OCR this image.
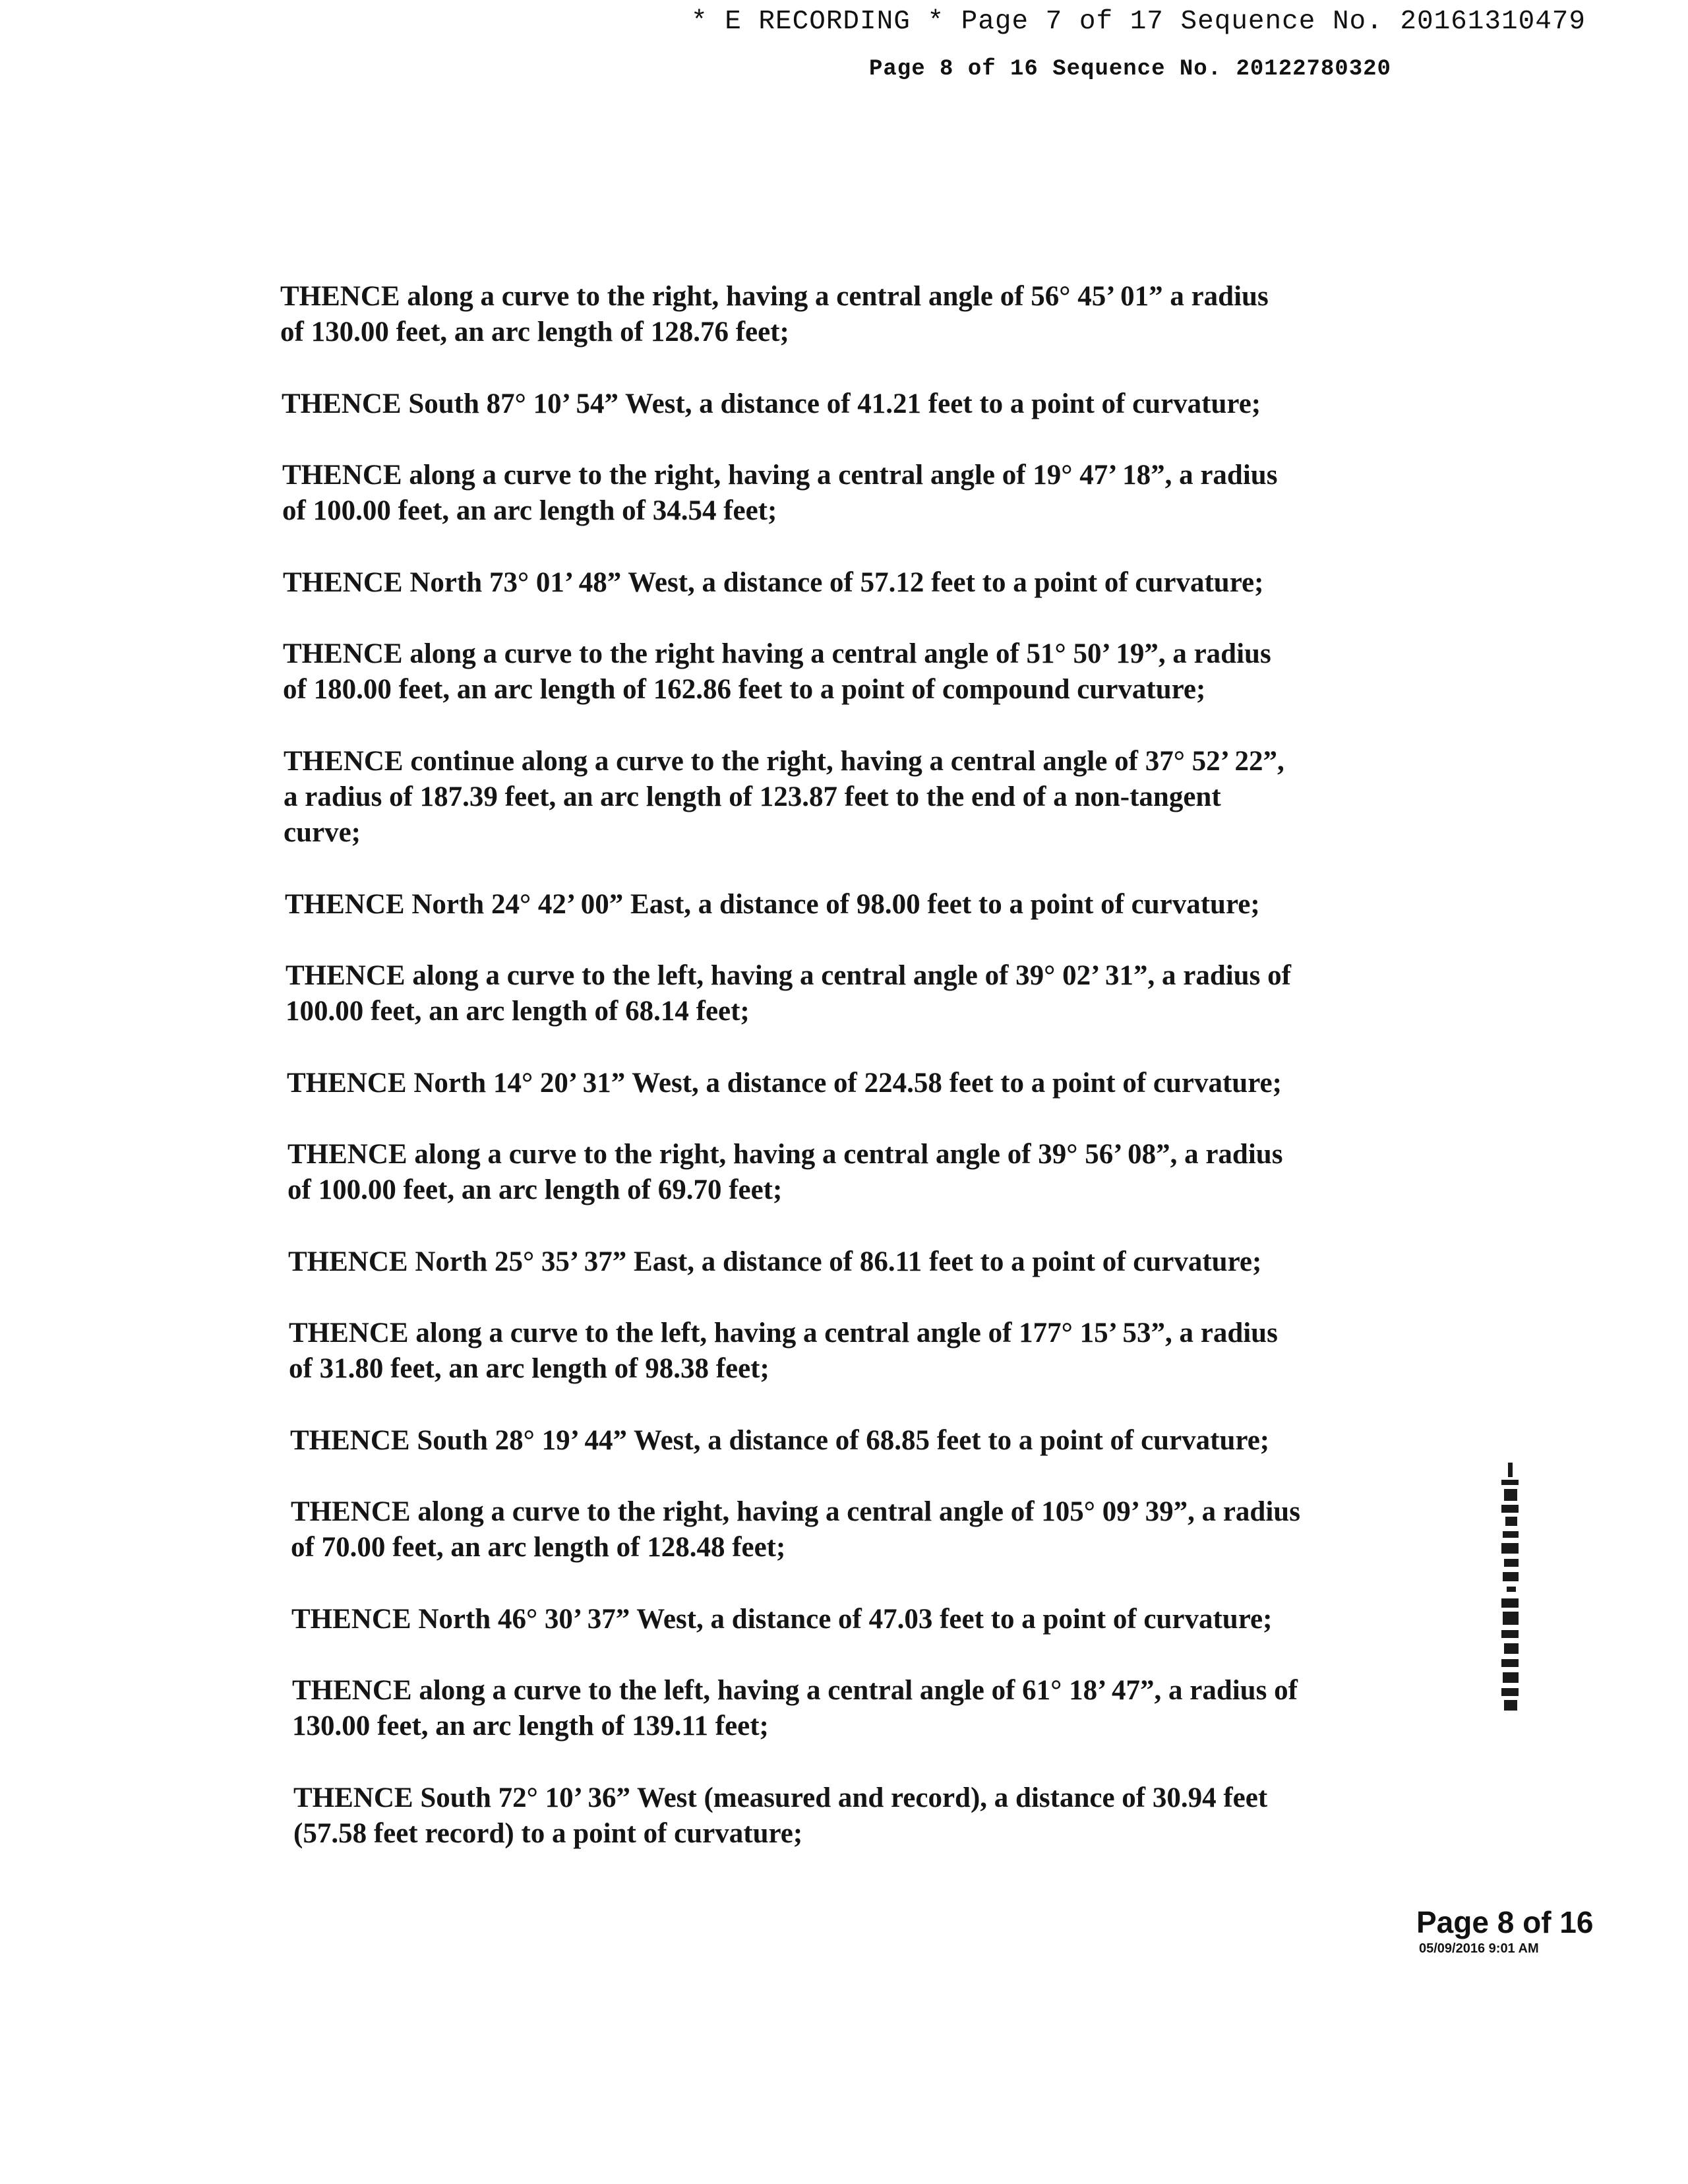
* E RECORDING * Page 7 of 17 Sequence No. 20161310479
Page 8 of 16 Sequence No. 20122780320
THENCE along a curve to the right, having a central angle of 56° 45’ 01” a radius
of 130.00 feet, an arc length of 128.76 feet;
THENCE South 87° 10’ 54” West, a distance of 41.21 feet to a point of curvature;
THENCE along a curve to the right, having a central angle of 19° 47’ 18”, a radius
of 100.00 feet, an arc length of 34.54 feet;
THENCE North 73° 01’ 48” West, a distance of 57.12 feet to a point of curvature;
THENCE along a curve to the right having a central angle of 51° 50’ 19”, a radius
of 180.00 feet, an arc length of 162.86 feet to a point of compound curvature;
THENCE continue along a curve to the right, having a central angle of 37° 52’ 22”,
a radius of 187.39 feet, an arc length of 123.87 feet to the end of a non-tangent
curve;
THENCE North 24° 42’ 00” East, a distance of 98.00 feet to a point of curvature;
THENCE along a curve to the left, having a central angle of 39° 02’ 31”, a radius of
100.00 feet, an arc length of 68.14 feet;
THENCE North 14° 20’ 31” West, a distance of 224.58 feet to a point of curvature;
THENCE along a curve to the right, having a central angle of 39° 56’ 08”, a radius
of 100.00 feet, an arc length of 69.70 feet;
THENCE North 25° 35’ 37” East, a distance of 86.11 feet to a point of curvature;
THENCE along a curve to the left, having a central angle of 177° 15’ 53”, a radius
of 31.80 feet, an arc length of 98.38 feet;
THENCE South 28° 19’ 44” West, a distance of 68.85 feet to a point of curvature;
THENCE along a curve to the right, having a central angle of 105° 09’ 39”, a radius
of 70.00 feet, an arc length of 128.48 feet;
THENCE North 46° 30’ 37” West, a distance of 47.03 feet to a point of curvature;
THENCE along a curve to the left, having a central angle of 61° 18’ 47”, a radius of
130.00 feet, an arc length of 139.11 feet;
THENCE South 72° 10’ 36” West (measured and record), a distance of 30.94 feet
(57.58 feet record) to a point of curvature;
Page 8 of 16
05/09/2016 9:01 AM
